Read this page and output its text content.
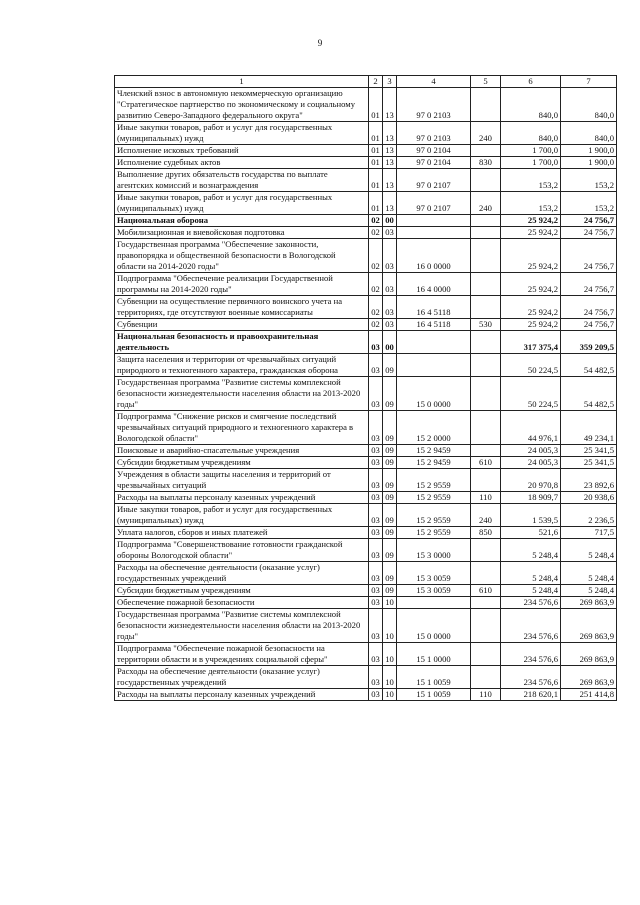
9
1	2	3	4	5	6	7
Членский взнос в автономную некоммерческую организацию "Стратегическое партнерство по экономическому и социальному развитию Северо-Западного федерального округа"	01	13	97 0 2103		840,0	840,0
Иные закупки товаров, работ и услуг для государственных (муниципальных) нужд	01	13	97 0 2103	240	840,0	840,0
Исполнение исковых требований	01	13	97 0 2104		1 700,0	1 900,0
Исполнение судебных актов	01	13	97 0 2104	830	1 700,0	1 900,0
Выполнение других обязательств государства по выплате агентских комиссий и вознаграждения	01	13	97 0 2107		153,2	153,2
Иные закупки товаров, работ и услуг для государственных (муниципальных) нужд	01	13	97 0 2107	240	153,2	153,2
Национальная оборона	02	00			25 924,2	24 756,7
Мобилизационная и вневойсковая подготовка	02	03			25 924,2	24 756,7
Государственная программа "Обеспечение законности, правопорядка и общественной безопасности в Вологодской области на 2014-2020 годы"	02	03	16 0 0000		25 924,2	24 756,7
Подпрограмма "Обеспечение реализации Государственной программы на 2014-2020 годы"	02	03	16 4 0000		25 924,2	24 756,7
Субвенции на осуществление первичного воинского учета на территориях, где отсутствуют военные комиссариаты	02	03	16 4 5118		25 924,2	24 756,7
Субвенции	02	03	16 4 5118	530	25 924,2	24 756,7
Национальная безопасность и правоохранительная деятельность	03	00			317 375,4	359 209,5
Защита населения и территории от чрезвычайных ситуаций природного и техногенного характера, гражданская оборона	03	09			50 224,5	54 482,5
Государственная программа "Развитие системы комплексной безопасности жизнедеятельности населения области на 2013-2020 годы"	03	09	15 0 0000		50 224,5	54 482,5
Подпрограмма "Снижение рисков и смягчение последствий чрезвычайных ситуаций природного и техногенного характера в Вологодской области"	03	09	15 2 0000		44 976,1	49 234,1
Поисковые и аварийно-спасательные учреждения	03	09	15 2 9459		24 005,3	25 341,5
Субсидии бюджетным учреждениям	03	09	15 2 9459	610	24 005,3	25 341,5
Учреждения в области защиты населения и территорий от чрезвычайных ситуаций	03	09	15 2 9559		20 970,8	23 892,6
Расходы на выплаты персоналу казенных учреждений	03	09	15 2 9559	110	18 909,7	20 938,6
Иные закупки товаров, работ и услуг для государственных (муниципальных) нужд	03	09	15 2 9559	240	1 539,5	2 236,5
Уплата налогов, сборов и иных платежей	03	09	15 2 9559	850	521,6	717,5
Подпрограмма "Совершенствование готовности гражданской обороны Вологодской области"	03	09	15 3 0000		5 248,4	5 248,4
Расходы на обеспечение деятельности (оказание услуг) государственных учреждений	03	09	15 3 0059		5 248,4	5 248,4
Субсидии бюджетным учреждениям	03	09	15 3 0059	610	5 248,4	5 248,4
Обеспечение пожарной безопасности	03	10			234 576,6	269 863,9
Государственная программа "Развитие системы комплексной безопасности жизнедеятельности населения области на 2013-2020 годы"	03	10	15 0 0000		234 576,6	269 863,9
Подпрограмма "Обеспечение пожарной безопасности на территории области и в учреждениях социальной сферы"	03	10	15 1 0000		234 576,6	269 863,9
Расходы на обеспечение деятельности (оказание услуг) государственных учреждений	03	10	15 1 0059		234 576,6	269 863,9
Расходы на выплаты персоналу казенных учреждений	03	10	15 1 0059	110	218 620,1	251 414,8
